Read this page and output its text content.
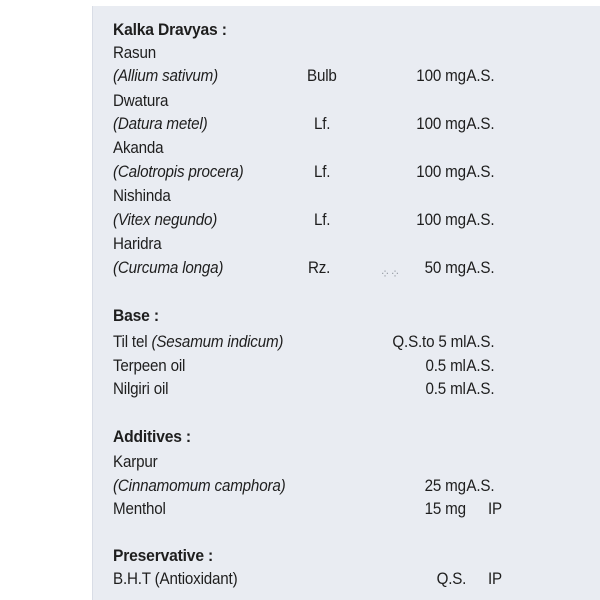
Kalka Dravyas :
Rasun
(Allium sativum)	Bulb	100 mg A.S.
Dwatura
(Datura metel)	Lf.	100 mg A.S.
Akanda
(Calotropis procera)	Lf.	100 mg A.S.
Nishinda
(Vitex negundo)	Lf.	100 mg A.S.
Haridra
(Curcuma longa)	Rz.	50 mg A.S.
Base :
Til tel (Sesamum indicum)	Q.S.to 5 ml A.S.
Terpeen oil	0.5 ml A.S.
Nilgiri oil	0.5 ml A.S.
Additives :
Karpur
(Cinnamomum camphora)	25 mg A.S.
Menthol	15 mg IP
Preservative :
B.H.T (Antioxidant)	Q.S. IP
⁘⁘
